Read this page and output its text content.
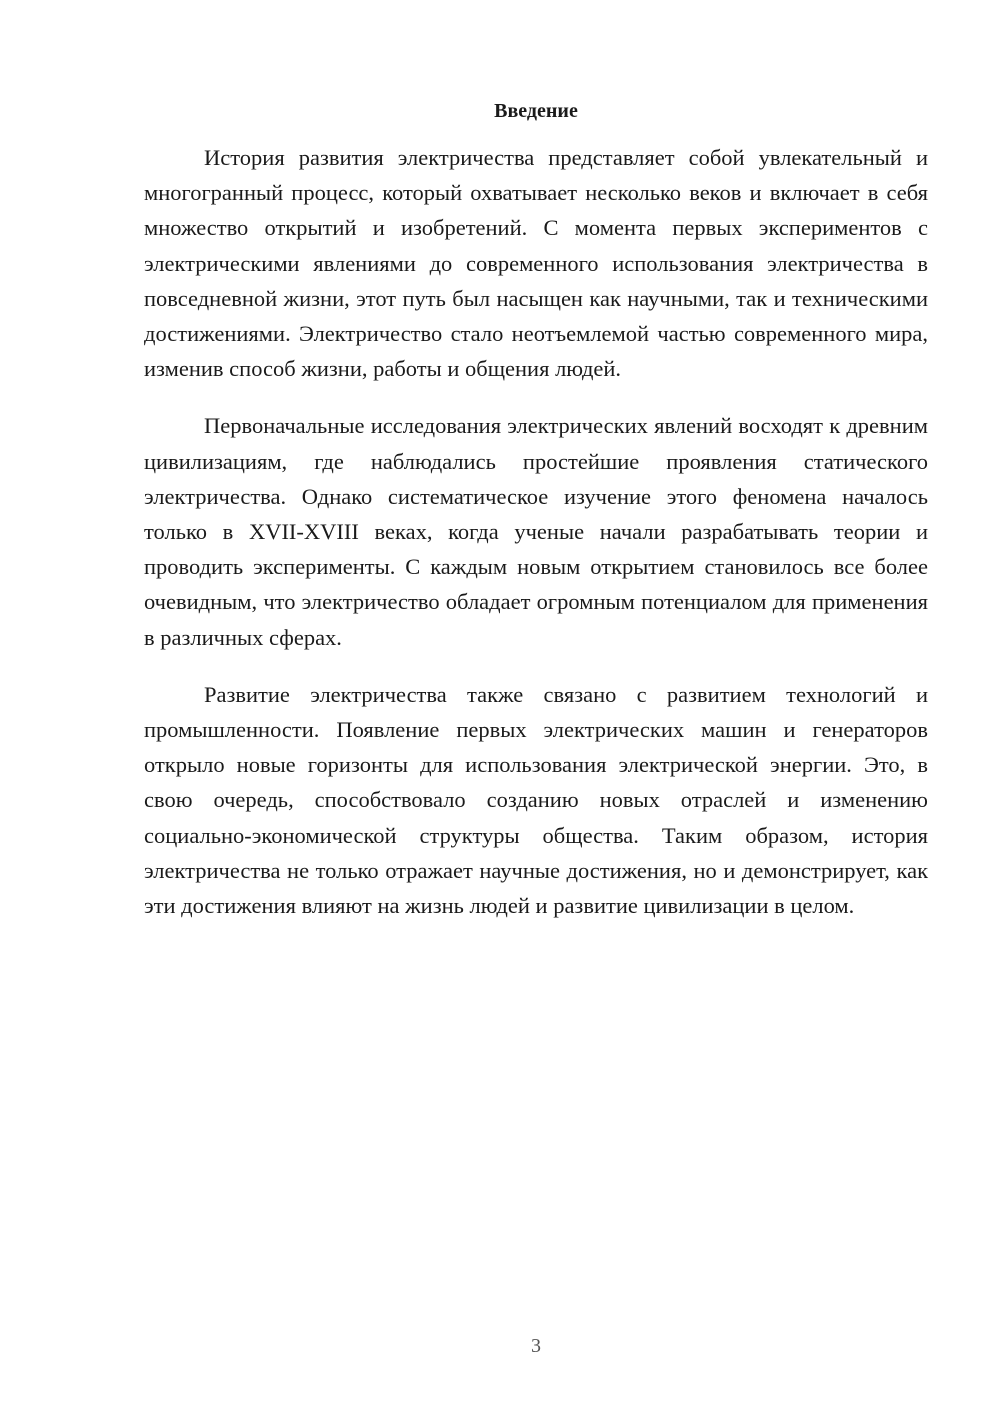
Введение

История развития электричества представляет собой увлекательный и многогранный процесс, который охватывает несколько веков и включает в себя множество открытий и изобретений. С момента первых экспериментов с электрическими явлениями до современного использования электричества в повседневной жизни, этот путь был насыщен как научными, так и техническими достижениями. Электричество стало неотъемлемой частью современного мира, изменив способ жизни, работы и общения людей.

Первоначальные исследования электрических явлений восходят к древним цивилизациям, где наблюдались простейшие проявления статического электричества. Однако систематическое изучение этого феномена началось только в XVII-XVIII веках, когда ученые начали разрабатывать теории и проводить эксперименты. С каждым новым открытием становилось все более очевидным, что электричество обладает огромным потенциалом для применения в различных сферах.

Развитие электричества также связано с развитием технологий и промышленности. Появление первых электрических машин и генераторов открыло новые горизонты для использования электрической энергии. Это, в свою очередь, способствовало созданию новых отраслей и изменению социально-экономической структуры общества. Таким образом, история электричества не только отражает научные достижения, но и демонстрирует, как эти достижения влияют на жизнь людей и развитие цивилизации в целом.

3
